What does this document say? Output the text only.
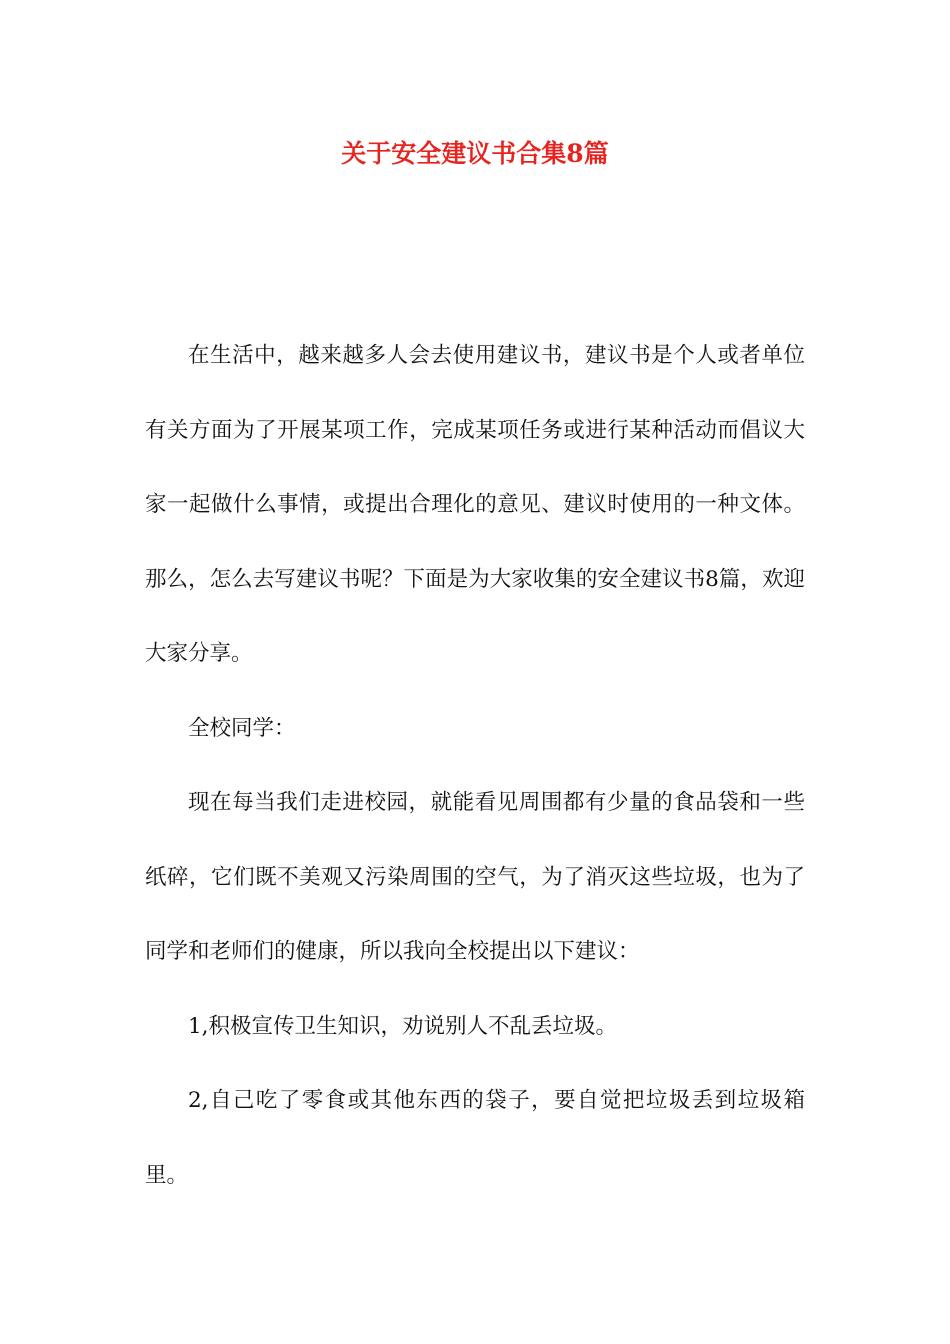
关于安全建议书合集8篇

在生活中，越来越多人会去使用建议书，建议书是个人或者单位有关方面为了开展某项工作，完成某项任务或进行某种活动而倡议大家一起做什么事情，或提出合理化的意见、建议时使用的一种文体。那么，怎么去写建议书呢？下面是为大家收集的安全建议书8篇，欢迎大家分享。

全校同学：

现在每当我们走进校园，就能看见周围都有少量的食品袋和一些纸碎，它们既不美观又污染周围的空气，为了消灭这些垃圾，也为了同学和老师们的健康，所以我向全校提出以下建议：

1,积极宣传卫生知识，劝说别人不乱丢垃圾。

2,自己吃了零食或其他东西的袋子，要自觉把垃圾丢到垃圾箱里。
